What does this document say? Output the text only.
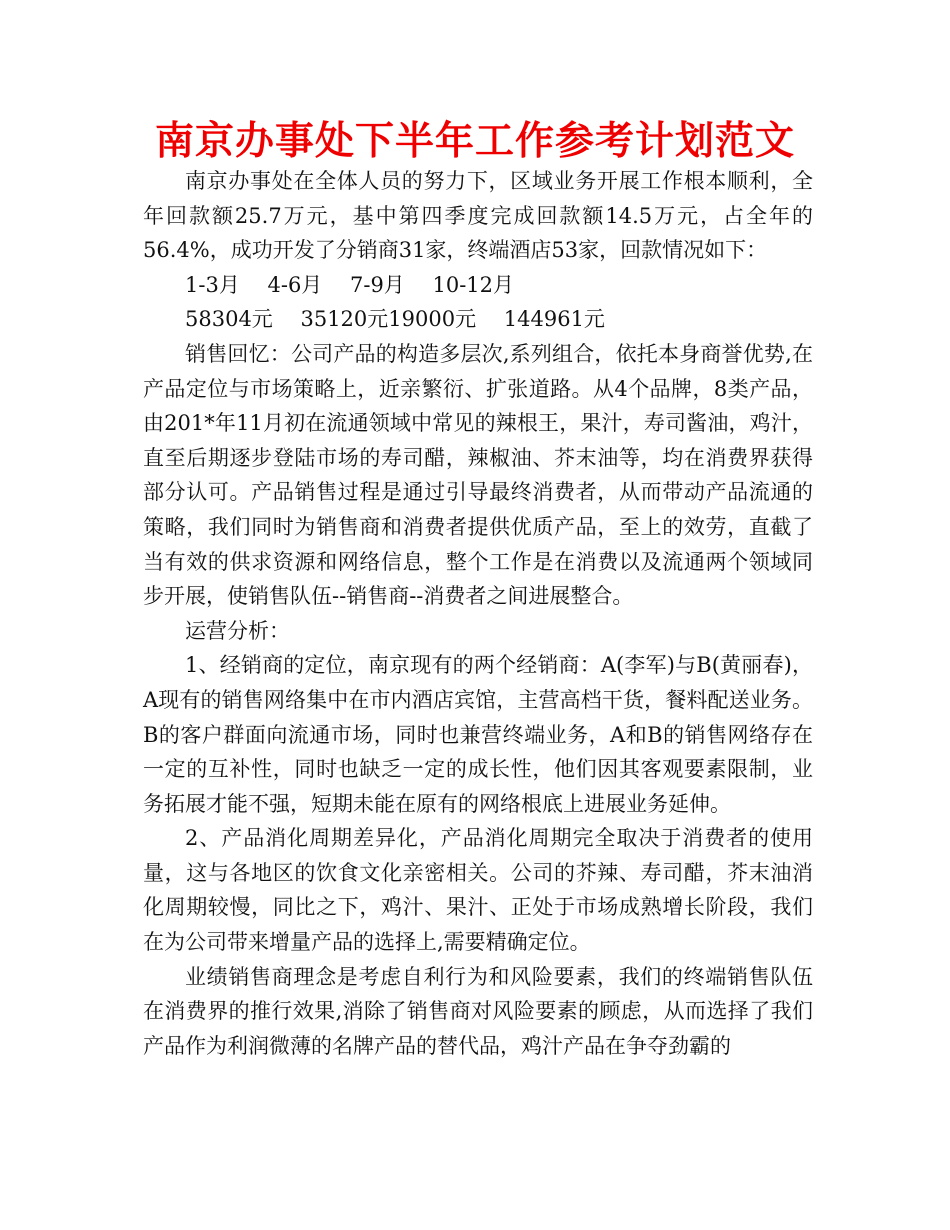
南京办事处下半年工作参考计划范文

南京办事处在全体人员的努力下，区域业务开展工作根本顺利，全年回款额25.7万元，基中第四季度完成回款额14.5万元，占全年的56.4%，成功开发了分销商31家，终端酒店53家，回款情况如下：

1-3月　 4-6月　 7-9月　 10-12月
58304元　 35120元19000元　 144961元

销售回忆：公司产品的构造多层次,系列组合，依托本身商誉优势,在产品定位与市场策略上，近亲繁衍、扩张道路。从4个品牌，8类产品，由201*年11月初在流通领域中常见的辣根王，果汁，寿司酱油，鸡汁，直至后期逐步登陆市场的寿司醋，辣椒油、芥末油等，均在消费界获得部分认可。产品销售过程是通过引导最终消费者，从而带动产品流通的策略，我们同时为销售商和消费者提供优质产品，至上的效劳，直截了当有效的供求资源和网络信息，整个工作是在消费以及流通两个领域同步开展，使销售队伍--销售商--消费者之间进展整合。

运营分析：

1、经销商的定位，南京现有的两个经销商：A(李军)与B(黄丽春)，A现有的销售网络集中在市内酒店宾馆，主营高档干货，餐料配送业务。B的客户群面向流通市场，同时也兼营终端业务，A和B的销售网络存在一定的互补性，同时也缺乏一定的成长性，他们因其客观要素限制，业务拓展才能不强，短期未能在原有的网络根底上进展业务延伸。

2、产品消化周期差异化，产品消化周期完全取决于消费者的使用量，这与各地区的饮食文化亲密相关。公司的芥辣、寿司醋，芥末油消化周期较慢，同比之下，鸡汁、果汁、正处于市场成熟增长阶段，我们在为公司带来增量产品的选择上,需要精确定位。

业绩销售商理念是考虑自利行为和风险要素，我们的终端销售队伍在消费界的推行效果,消除了销售商对风险要素的顾虑，从而选择了我们产品作为利润微薄的名牌产品的替代品，鸡汁产品在争夺劲霸的
